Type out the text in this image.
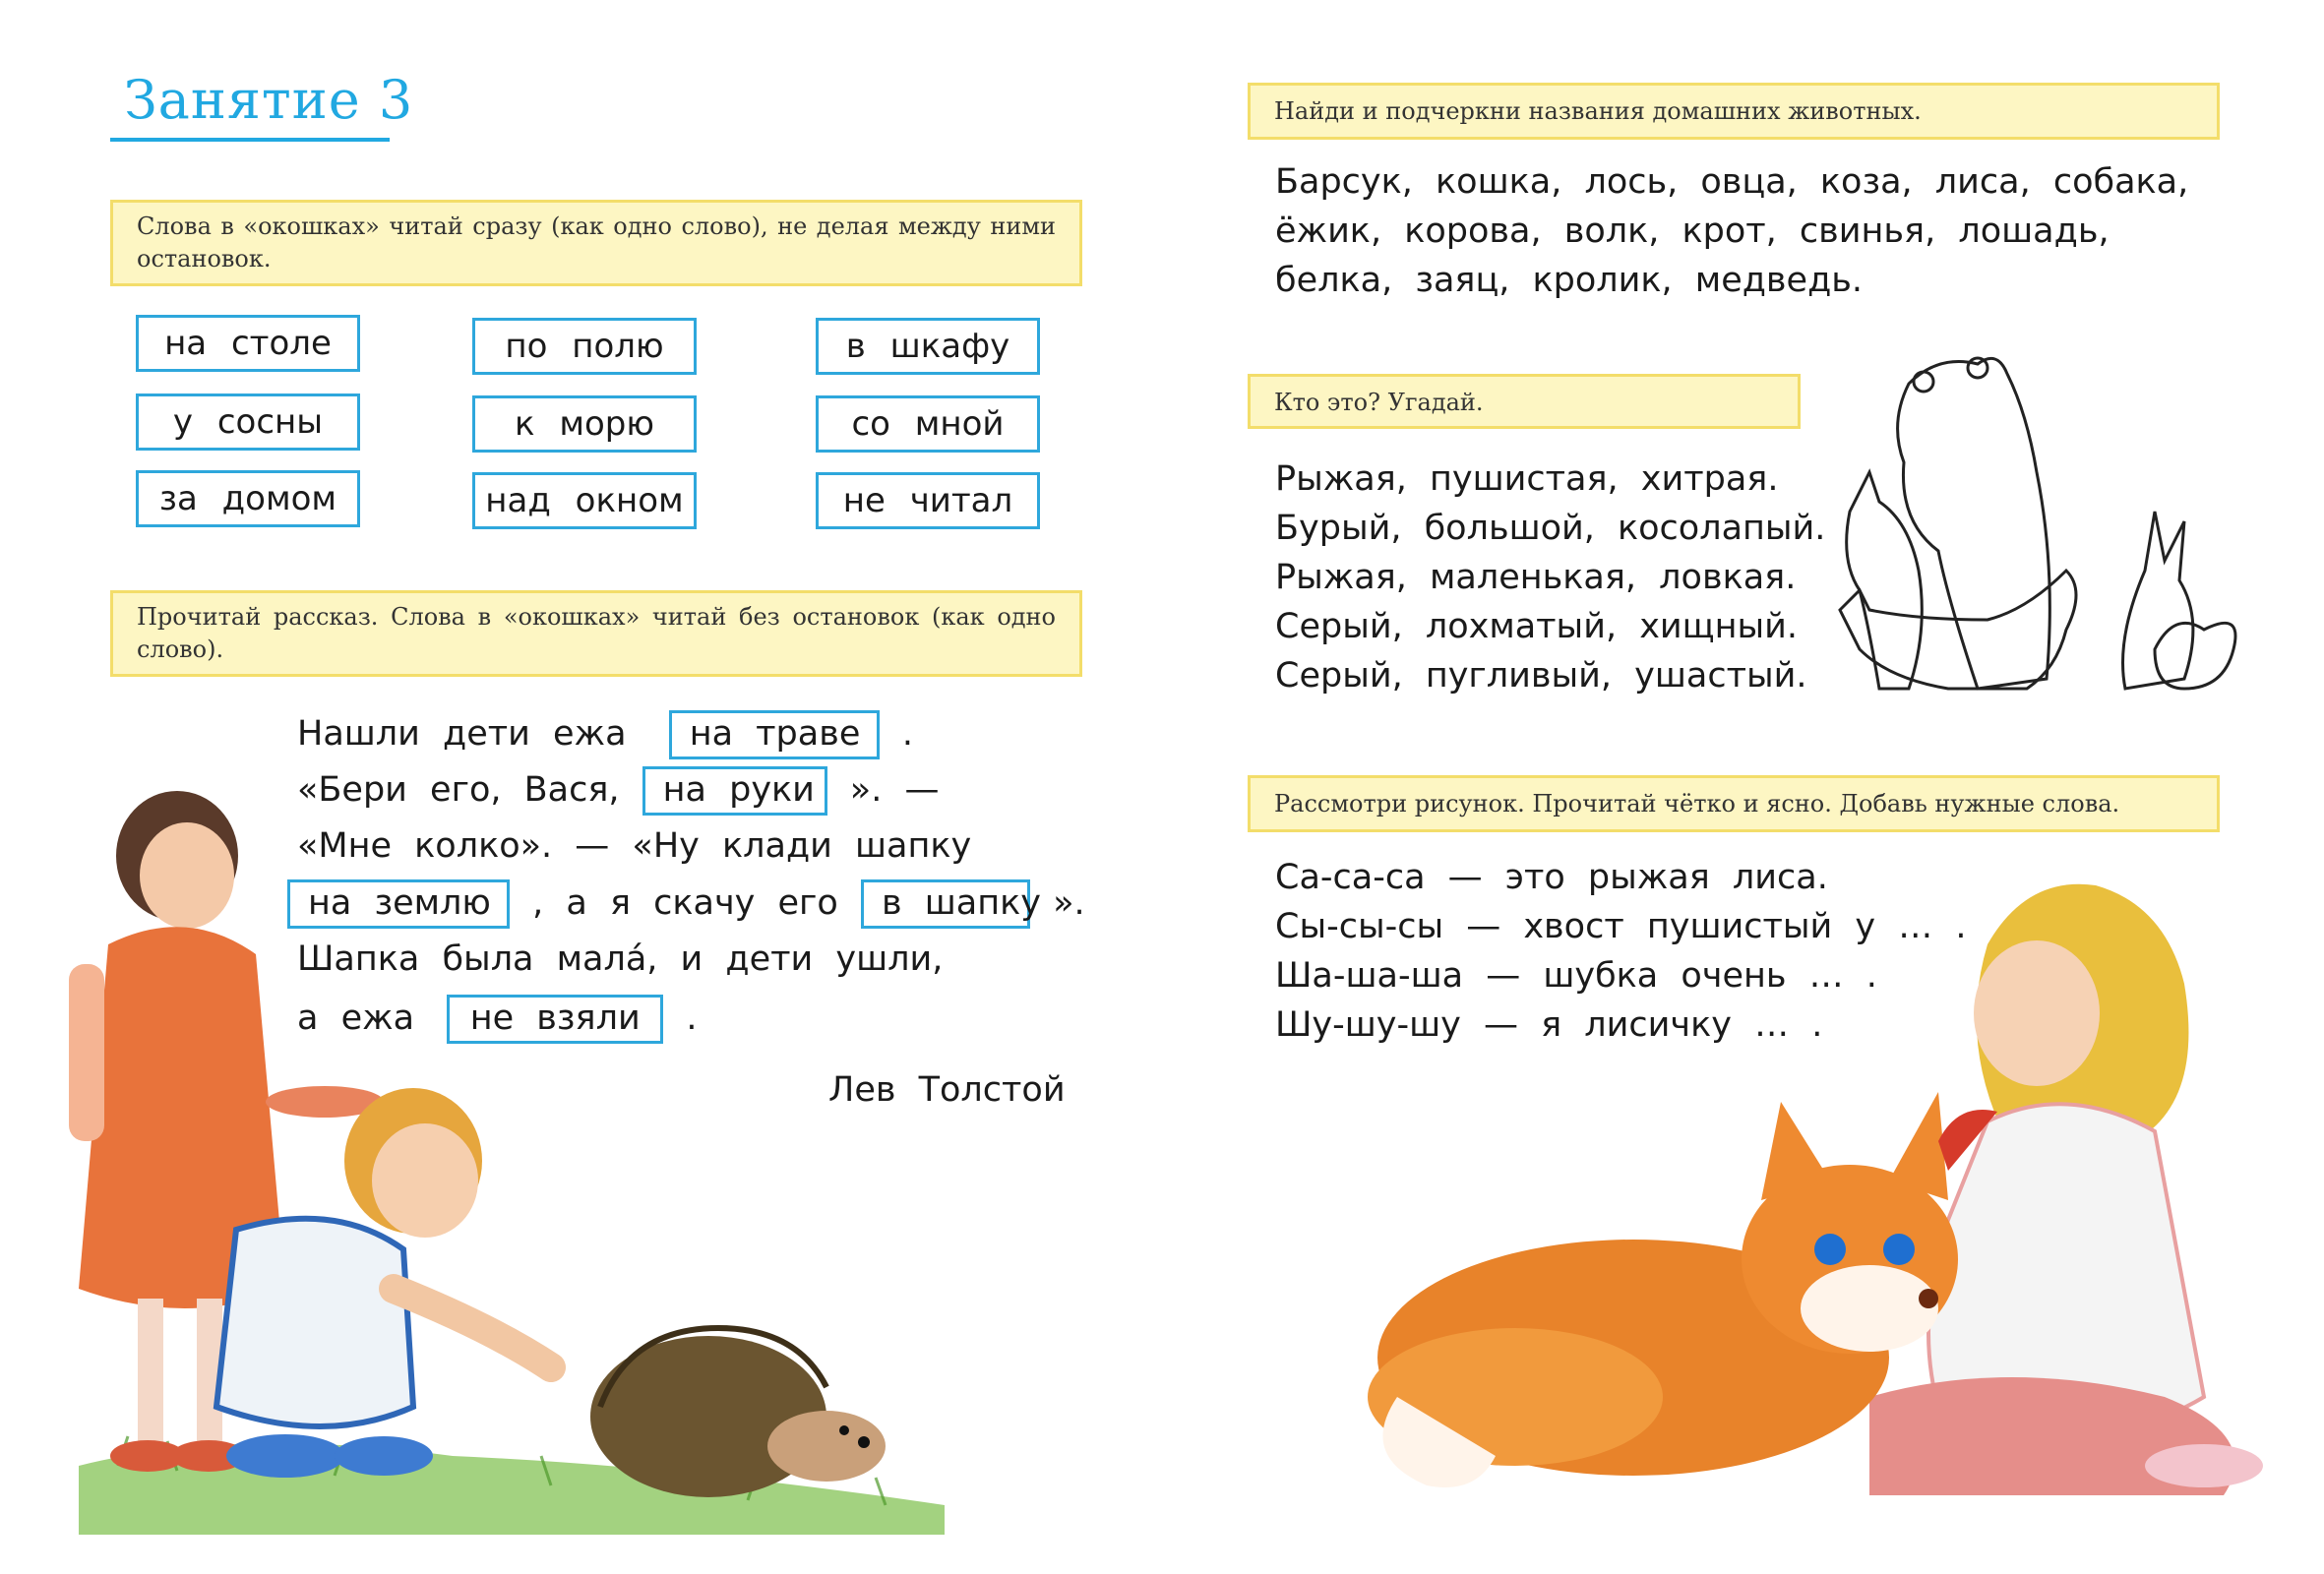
Занятие 3
Слова в «окошках» читай сразу (как одно слово), не делая между ними остановок.
на столе	по полю	в шкафу
у сосны	к морю	со мной
за домом	над окном	не читал
Прочитай рассказ. Слова в «окошках» читай без остановок (как одно слово).
Нашли дети ежа на траве .
«Бери его, Вася, на руки ». —
«Мне колко». — «Ну клади шапку
на землю , а я скачу его в шапку ».
Шапка была малá, и дети ушли,
а ежа не взяли .
Лев Толстой
Найди и подчеркни названия домашних животных.
Барсук, кошка, лось, овца, коза, лиса, собака,
ёжик, корова, волк, крот, свинья, лошадь,
белка, заяц, кролик, медведь.
Кто это? Угадай.
Рыжая, пушистая, хитрая.
Бурый, большой, косолапый.
Рыжая, маленькая, ловкая.
Серый, лохматый, хищный.
Серый, пугливый, ушастый.
Рассмотри рисунок. Прочитай чётко и ясно. Добавь нужные слова.
Са-са-са — это рыжая лиса.
Сы-сы-сы — хвост пушистый у … .
Ша-ша-ша — шубка очень … .
Шу-шу-шу — я лисичку … .
